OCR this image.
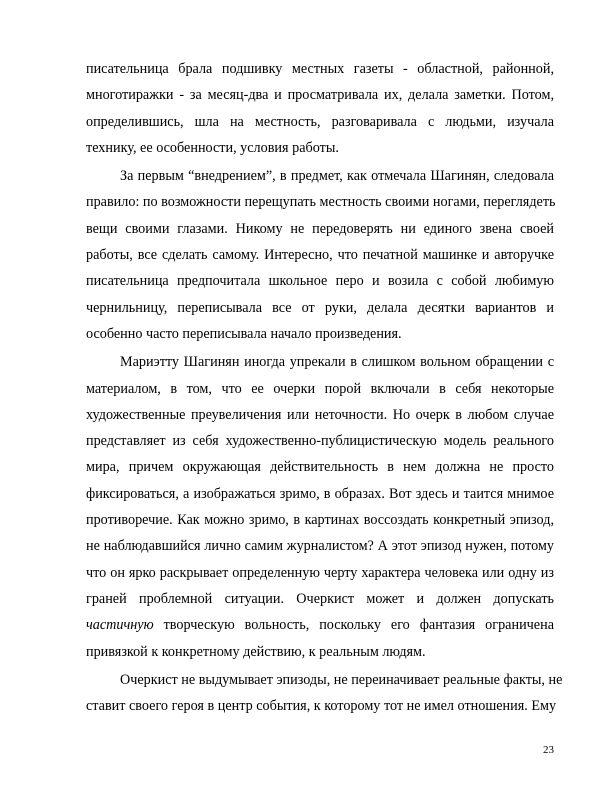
писательница брала подшивку местных газеты - областной, районной,
многотиражки - за месяц-два и просматривала их, делала заметки. Потом,
определившись, шла на местность, разговаривала с людьми, изучала
технику, ее особенности, условия работы.
За первым “внедрением”, в предмет, как отмечала Шагинян, следовала
правило: по возможности перещупать местность своими ногами, переглядеть
вещи своими глазами. Никому не передоверять ни единого звена своей
работы, все сделать самому. Интересно, что печатной машинке и авторучке
писательница предпочитала школьное перо и возила с собой любимую
чернильницу, переписывала все от руки, делала десятки вариантов и
особенно часто переписывала начало произведения.
Мариэтту Шагинян иногда упрекали в слишком вольном обращении с
материалом, в том, что ее очерки порой включали в себя некоторые
художественные преувеличения или неточности. Но очерк в любом случае
представляет из себя художественно-публицистическую модель реального
мира, причем окружающая действительность в нем должна не просто
фиксироваться, а изображаться зримо, в образах. Вот здесь и таится мнимое
противоречие. Как можно зримо, в картинах воссоздать конкретный эпизод,
не наблюдавшийся лично самим журналистом? А этот эпизод нужен, потому
что он ярко раскрывает определенную черту характера человека или одну из
граней проблемной ситуации. Очеркист может и должен допускать
частичную творческую вольность, поскольку его фантазия ограничена
привязкой к конкретному действию, к реальным людям.
Очеркист не выдумывает эпизоды, не переиначивает реальные факты, не
ставит своего героя в центр события, к которому тот не имел отношения. Ему
23
